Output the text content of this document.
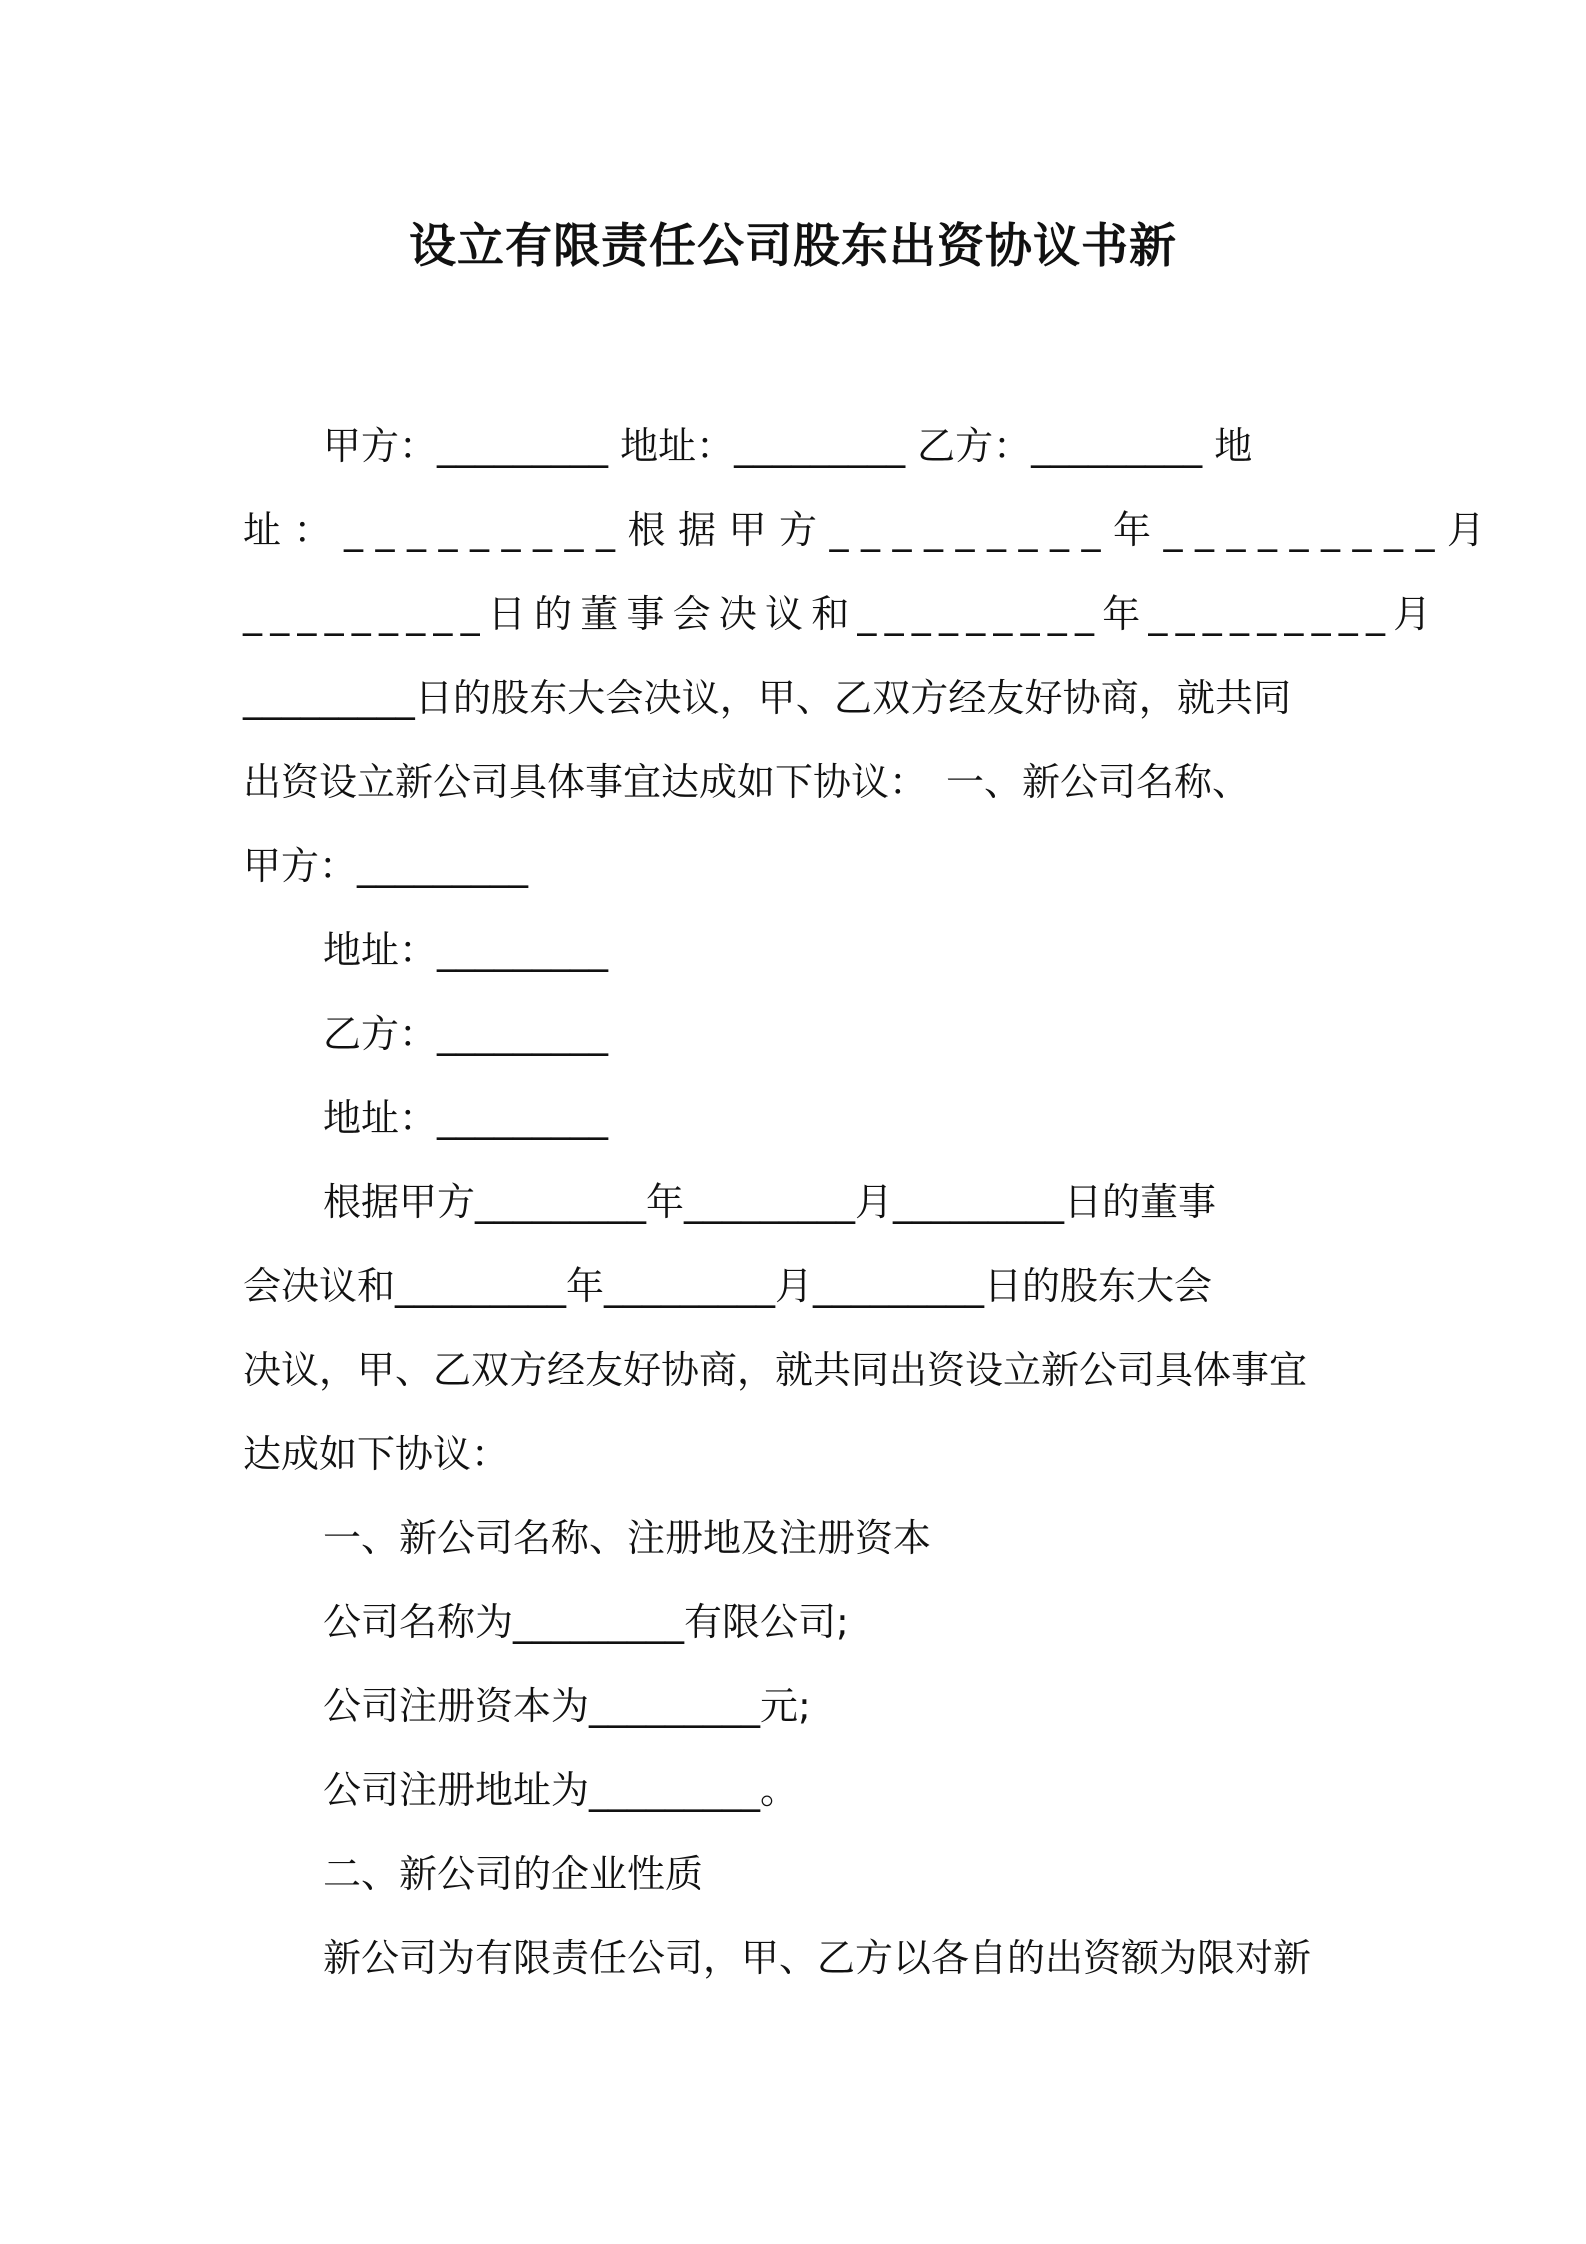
设立有限责任公司股东出资协议书新
甲方：_________ 地址：_________ 乙方：_________ 地
址：_________根据甲方_________年_________月
_________日的董事会决议和_________年_________月
_________日的股东大会决议，甲、乙双方经友好协商，就共同
出资设立新公司具体事宜达成如下协议：　一、新公司名称、
甲方：_________
地址：_________
乙方：_________
地址：_________
根据甲方_________年_________月_________日的董事
会决议和_________年_________月_________日的股东大会
决议，甲、乙双方经友好协商，就共同出资设立新公司具体事宜
达成如下协议：
一、新公司名称、注册地及注册资本
公司名称为_________有限公司;
公司注册资本为_________元;
公司注册地址为_________。
二、新公司的企业性质
新公司为有限责任公司，甲、乙方以各自的出资额为限对新
